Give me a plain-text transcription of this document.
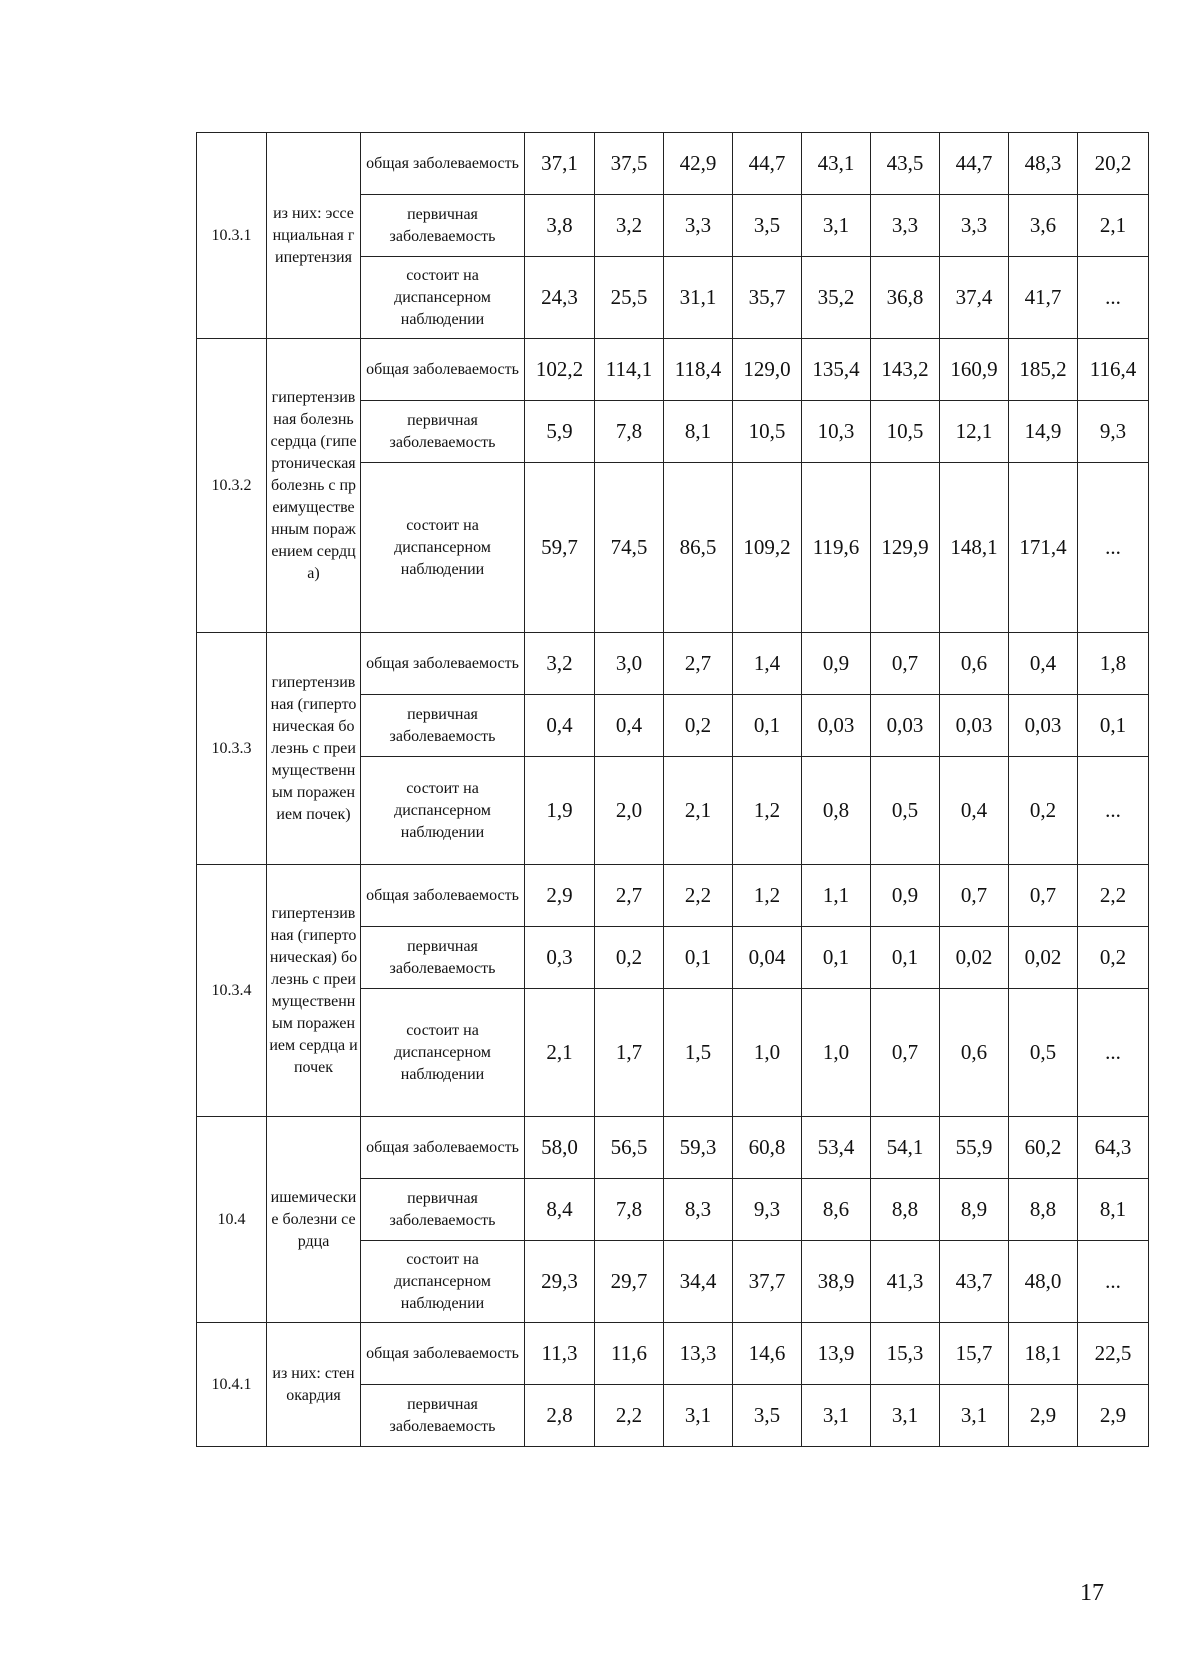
10.3.1	из них: эссенциальная гипертензия	общая заболеваемость	37,1	37,5	42,9	44,7	43,1	43,5	44,7	48,3	20,2
		первичная заболеваемость	3,8	3,2	3,3	3,5	3,1	3,3	3,3	3,6	2,1
		состоит на диспансерном наблюдении	24,3	25,5	31,1	35,7	35,2	36,8	37,4	41,7	...
10.3.2	гипертензивная болезнь сердца (гипертоническая болезнь с преимущественным поражением сердца)	общая заболеваемость	102,2	114,1	118,4	129,0	135,4	143,2	160,9	185,2	116,4
		первичная заболеваемость	5,9	7,8	8,1	10,5	10,3	10,5	12,1	14,9	9,3
		состоит на диспансерном наблюдении	59,7	74,5	86,5	109,2	119,6	129,9	148,1	171,4	...
10.3.3	гипертензивная (гипертоническая болезнь с преимущественным поражением почек)	общая заболеваемость	3,2	3,0	2,7	1,4	0,9	0,7	0,6	0,4	1,8
		первичная заболеваемость	0,4	0,4	0,2	0,1	0,03	0,03	0,03	0,03	0,1
		состоит на диспансерном наблюдении	1,9	2,0	2,1	1,2	0,8	0,5	0,4	0,2	...
10.3.4	гипертензивная (гипертоническая) болезнь с преимущественным поражением сердца и почек	общая заболеваемость	2,9	2,7	2,2	1,2	1,1	0,9	0,7	0,7	2,2
		первичная заболеваемость	0,3	0,2	0,1	0,04	0,1	0,1	0,02	0,02	0,2
		состоит на диспансерном наблюдении	2,1	1,7	1,5	1,0	1,0	0,7	0,6	0,5	...
10.4	ишемические болезни сердца	общая заболеваемость	58,0	56,5	59,3	60,8	53,4	54,1	55,9	60,2	64,3
		первичная заболеваемость	8,4	7,8	8,3	9,3	8,6	8,8	8,9	8,8	8,1
		состоит на диспансерном наблюдении	29,3	29,7	34,4	37,7	38,9	41,3	43,7	48,0	...
10.4.1	из них: стенокардия	общая заболеваемость	11,3	11,6	13,3	14,6	13,9	15,3	15,7	18,1	22,5
		первичная заболеваемость	2,8	2,2	3,1	3,5	3,1	3,1	3,1	2,9	2,9
17
